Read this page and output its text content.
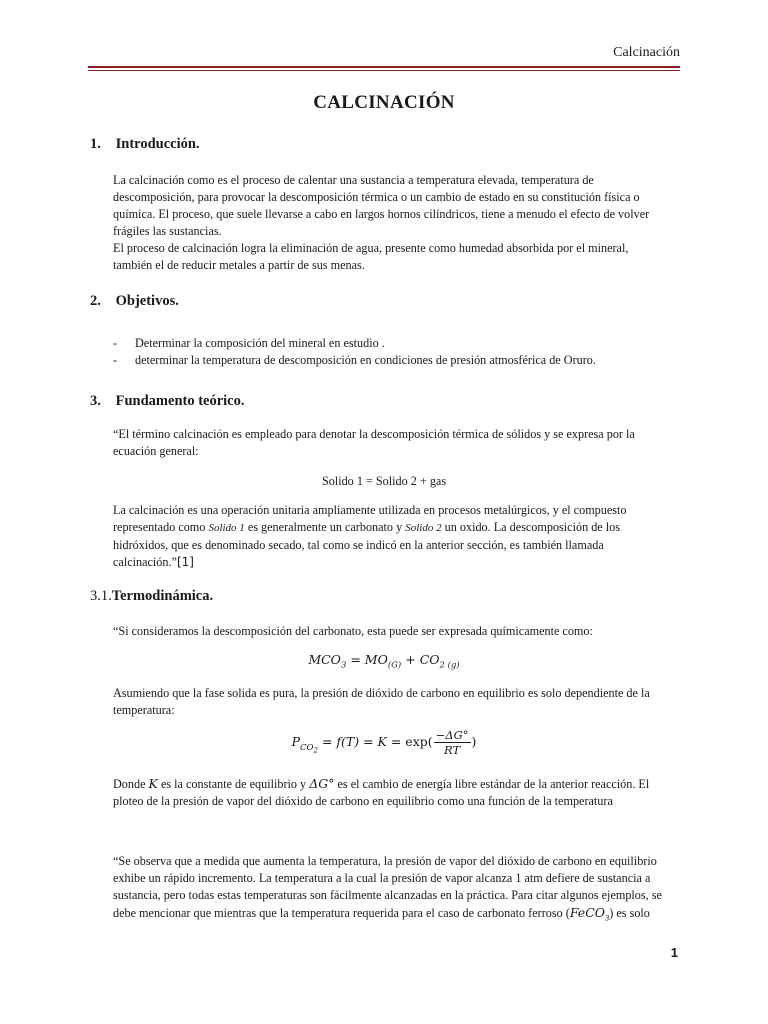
Calcinación
CALCINACIÓN
1. Introducción.
La calcinación como es el proceso de calentar una sustancia a temperatura elevada, temperatura de
descomposición, para provocar la descomposición térmica o un cambio de estado en su constitución física o
química. El proceso, que suele llevarse a cabo en largos hornos cilíndricos, tiene a menudo el efecto de volver
frágiles las sustancias.
El proceso de calcinación logra la eliminación de agua, presente como humedad absorbida por el mineral,
también el de reducir metales a partir de sus menas.
2. Objetivos.
- Determinar la composición del mineral en estudio .
- determinar la temperatura de descomposición en condiciones de presión atmosférica de Oruro.
3. Fundamento teórico.
“El término calcinación es empleado para denotar la descomposición térmica de sólidos y se expresa por la
ecuación general:
Solido 1 = Solido 2 + gas
La calcinación es una operación unitaria ampliamente utilizada en procesos metalúrgicos, y el compuesto
representado como Solido 1 es generalmente un carbonato y Solido 2 un oxido. La descomposición de los
hidróxidos, que es denominado secado, tal como se indicó en la anterior sección, es también llamada
calcinación.”[1]
3.1.Termodinámica.
“Si consideramos la descomposición del carbonato, esta puede ser expresada químicamente como:
$MCO_3 = MO_{(G)} + CO_{2 (g)}$
Asumiendo que la fase solida es pura, la presión de dióxido de carbono en equilibrio es solo dependiente de la
temperatura:
$P_{CO_2} = f(T) = K = \exp( \frac{-\Delta G^\circ}{RT}$ )
Donde K es la constante de equilibrio y ΔG° es el cambio de energía libre estándar de la anterior reacción. El
ploteo de la presión de vapor del dióxido de carbono en equilibrio como una función de la temperatura
“Se observa que a medida que aumenta la temperatura, la presión de vapor del dióxido de carbono en equilibrio
exhibe un rápido incremento. La temperatura a la cual la presión de vapor alcanza 1 atm defiere de sustancia a
sustancia, pero todas estas temperaturas son fácilmente alcanzadas en la práctica. Para citar algunos ejemplos, se
debe mencionar que mientras que la temperatura requerida para el caso de carbonato ferroso (FeCO$_3$) es solo
1
